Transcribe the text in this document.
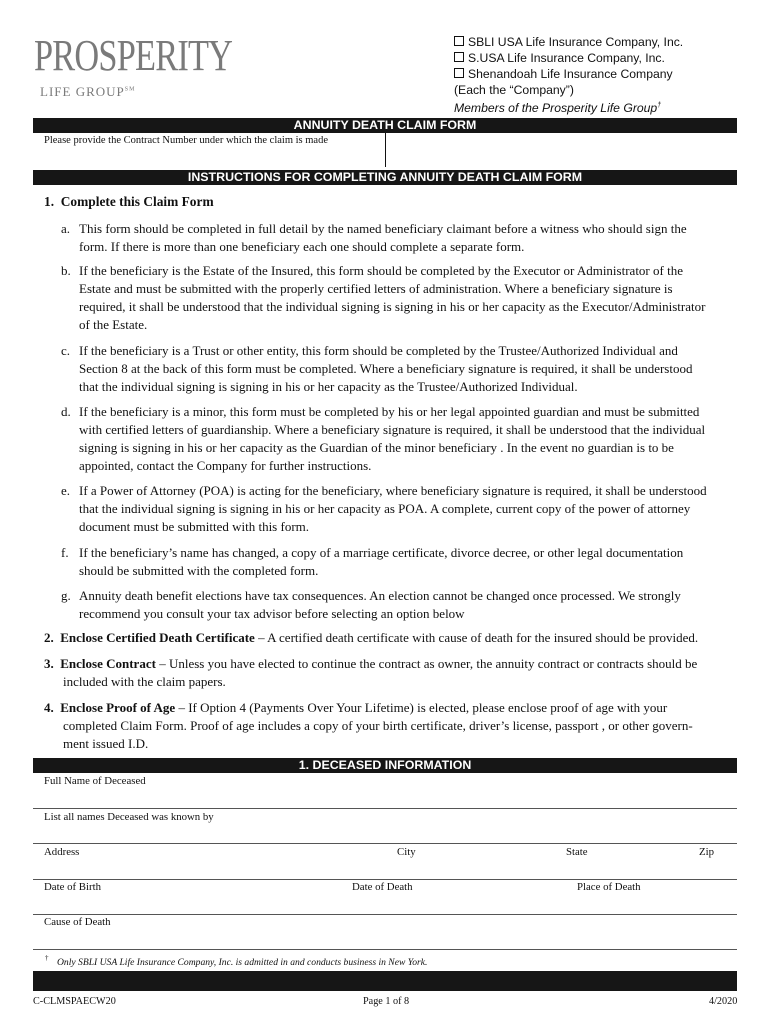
PROSPERITY
LIFE GROUP℠
SBLI USA Life Insurance Company, Inc.
S.USA Life Insurance Company, Inc.
Shenandoah Life Insurance Company
(Each the “Company”)
Members of the Prosperity Life Group†
ANNUITY DEATH CLAIM FORM
Please provide the Contract Number under which the claim is made
INSTRUCTIONS FOR COMPLETING ANNUITY DEATH CLAIM FORM
1. Complete this Claim Form
a. This form should be completed in full detail by the named beneficiary claimant before a witness who should sign the
form. If there is more than one beneficiary each one should complete a separate form.
b. If the beneficiary is the Estate of the Insured, this form should be completed by the Executor or Administrator of the
Estate and must be submitted with the properly certified letters of administration. Where a beneficiary signature is
required, it shall be understood that the individual signing is signing in his or her capacity as the Executor/Administrator
of the Estate.
c. If the beneficiary is a Trust or other entity, this form should be completed by the Trustee/Authorized Individual and
Section 8 at the back of this form must be completed. Where a beneficiary signature is required, it shall be understood
that the individual signing is signing in his or her capacity as the Trustee/Authorized Individual.
d. If the beneficiary is a minor, this form must be completed by his or her legal appointed guardian and must be submitted
with certified letters of guardianship. Where a beneficiary signature is required, it shall be understood that the individual
signing is signing in his or her capacity as the Guardian of the minor beneficiary . In the event no guardian is to be
appointed, contact the Company for further instructions.
e. If a Power of Attorney (POA) is acting for the beneficiary, where beneficiary signature is required, it shall be understood
that the individual signing is signing in his or her capacity as POA. A complete, current copy of the power of attorney
document must be submitted with this form.
f. If the beneficiary’s name has changed, a copy of a marriage certificate, divorce decree, or other legal documentation
should be submitted with the completed form.
g. Annuity death benefit elections have tax consequences. An election cannot be changed once processed. We strongly
recommend you consult your tax advisor before selecting an option below
2. Enclose Certified Death Certificate – A certified death certificate with cause of death for the insured should be provided.
3. Enclose Contract – Unless you have elected to continue the contract as owner, the annuity contract or contracts should be
included with the claim papers.
4. Enclose Proof of Age – If Option 4 (Payments Over Your Lifetime) is elected, please enclose proof of age with your
completed Claim Form. Proof of age includes a copy of your birth certificate, driver’s license, passport , or other govern-
ment issued I.D.
1. DECEASED INFORMATION
Full Name of Deceased
List all names Deceased was known by
Address	City	State	Zip
Date of Birth	Date of Death	Place of Death
Cause of Death
† Only SBLI USA Life Insurance Company, Inc. is admitted in and conducts business in New York.
C-CLMSPAECW20	Page 1 of 8	4/2020
